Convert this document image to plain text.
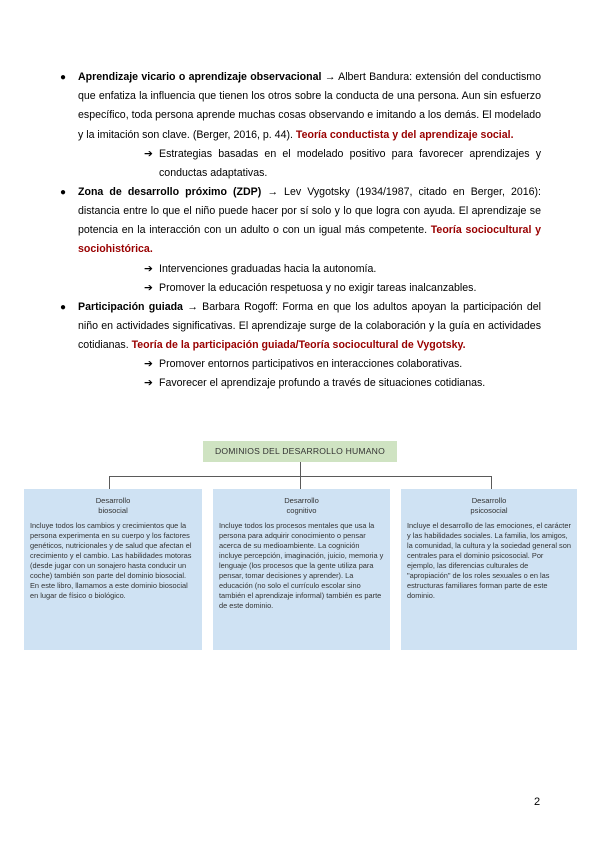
● Aprendizaje vicario o aprendizaje observacional → Albert Bandura: extensión del conductismo que enfatiza la influencia que tienen los otros sobre la conducta de una persona. Aun sin esfuerzo específico, toda persona aprende muchas cosas observando e imitando a los demás. El modelado y la imitación son clave. (Berger, 2016, p. 44). Teoría conductista y del aprendizaje social.
➔ Estrategias basadas en el modelado positivo para favorecer aprendizajes y conductas adaptativas.
● Zona de desarrollo próximo (ZDP) → Lev Vygotsky (1934/1987, citado en Berger, 2016): distancia entre lo que el niño puede hacer por sí solo y lo que logra con ayuda. El aprendizaje se potencia en la interacción con un adulto o con un igual más competente. Teoría sociocultural y sociohistórica.
➔ Intervenciones graduadas hacia la autonomía.
➔ Promover la educación respetuosa y no exigir tareas inalcanzables.
● Participación guiada → Barbara Rogoff: Forma en que los adultos apoyan la participación del niño en actividades significativas. El aprendizaje surge de la colaboración y la guía en actividades cotidianas. Teoría de la participación guiada/Teoría sociocultural de Vygotsky.
➔ Promover entornos participativos en interacciones colaborativas.
➔ Favorecer el aprendizaje profundo a través de situaciones cotidianas.
DOMINIOS DEL DESARROLLO HUMANO
Desarrollo
biosocial
Incluye todos los cambios y crecimientos que la persona experimenta en su cuerpo y los factores genéticos, nutricionales y de salud que afectan el crecimiento y el cambio. Las habilidades motoras (desde jugar con un sonajero hasta conducir un coche) también son parte del dominio biosocial. En este libro, llamamos a este dominio biosocial en lugar de físico o biológico.
Desarrollo
cognitivo
Incluye todos los procesos mentales que usa la persona para adquirir conocimiento o pensar acerca de su medioambiente. La cognición incluye percepción, imaginación, juicio, memoria y lenguaje (los procesos que la gente utiliza para pensar, tomar decisiones y aprender). La educación (no solo el currículo escolar sino también el aprendizaje informal) también es parte de este dominio.
Desarrollo
psicosocial
Incluye el desarrollo de las emociones, el carácter y las habilidades sociales. La familia, los amigos, la comunidad, la cultura y la sociedad general son centrales para el dominio psicosocial. Por ejemplo, las diferencias culturales de "apropiación" de los roles sexuales o en las estructuras familiares forman parte de este dominio.
2
